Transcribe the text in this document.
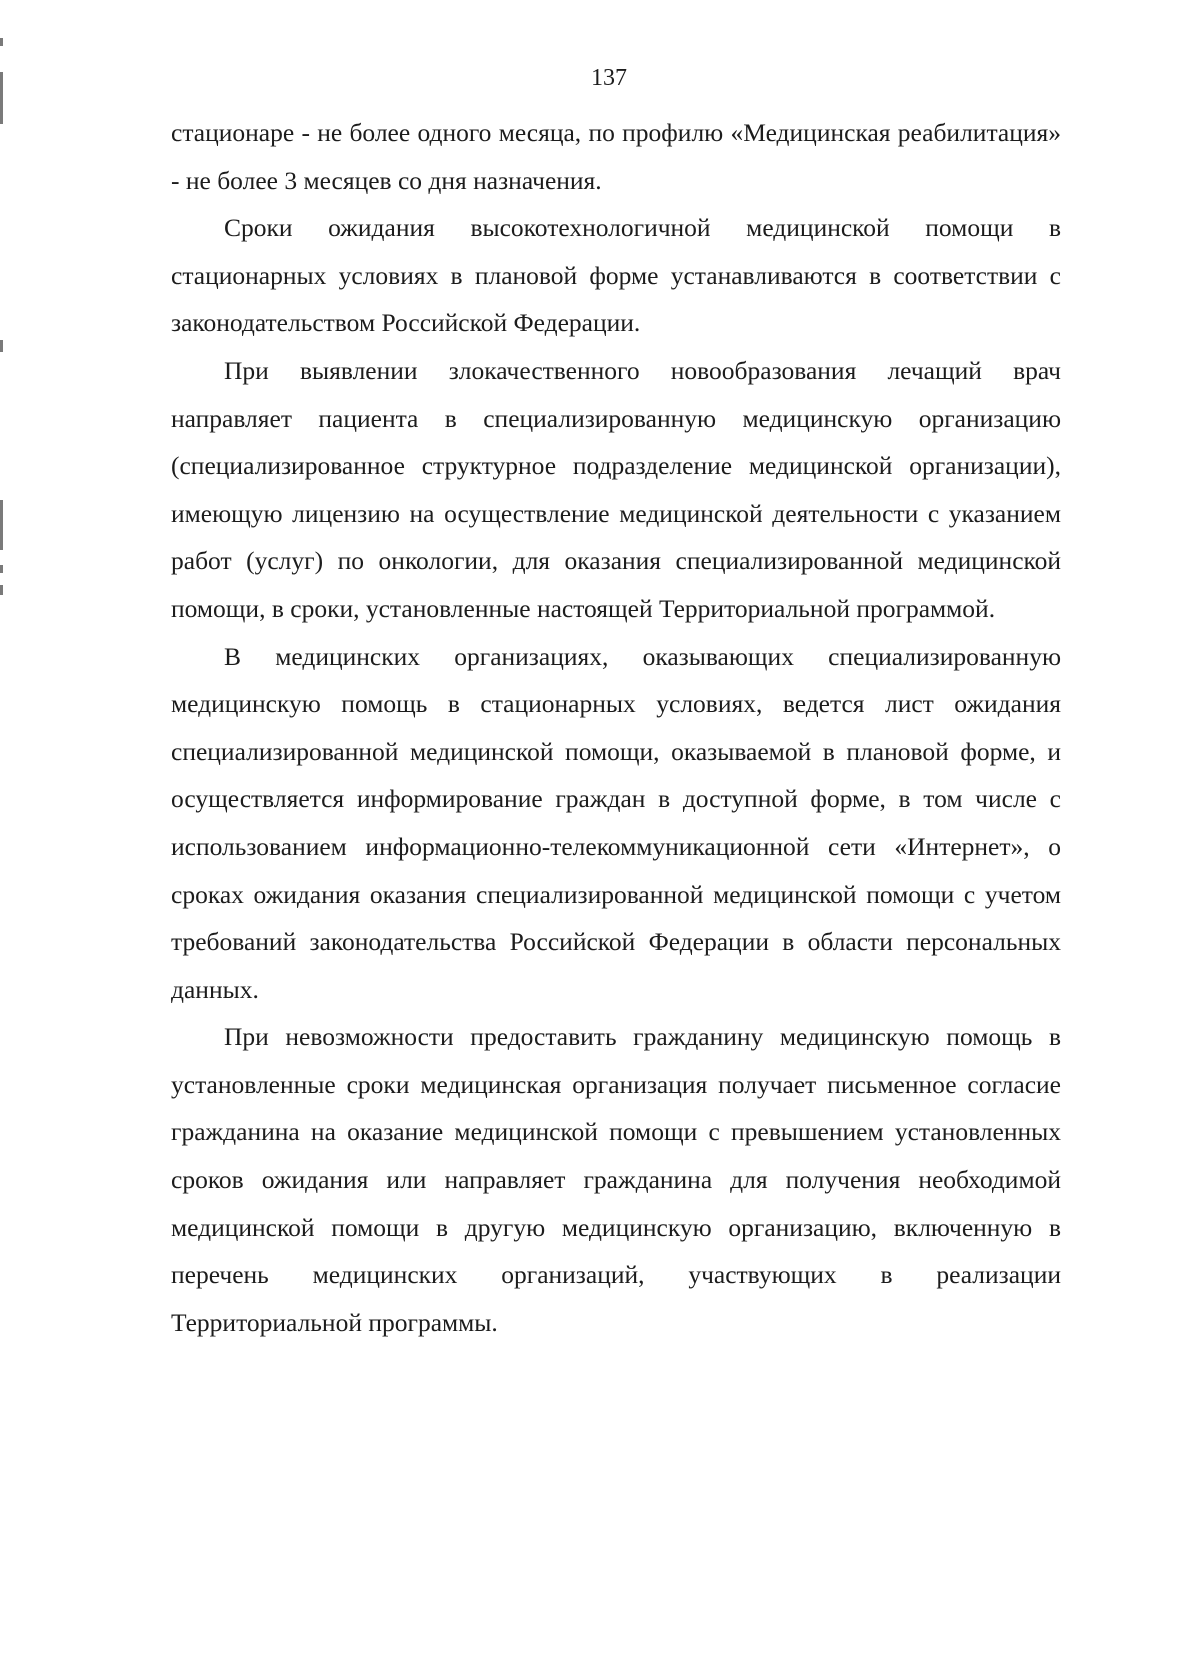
137

стационаре - не более одного месяца, по профилю «Медицинская реабилитация» - не более 3 месяцев со дня назначения.

Сроки ожидания высокотехнологичной медицинской помощи в стационарных условиях в плановой форме устанавливаются в соответствии с законодательством Российской Федерации.

При выявлении злокачественного новообразования лечащий врач направляет пациента в специализированную медицинскую организацию (специализированное структурное подразделение медицинской организации), имеющую лицензию на осуществление медицинской деятельности с указанием работ (услуг) по онкологии, для оказания специализированной медицинской помощи, в сроки, установленные настоящей Территориальной программой.

В медицинских организациях, оказывающих специализированную медицинскую помощь в стационарных условиях, ведется лист ожидания специализированной медицинской помощи, оказываемой в плановой форме, и осуществляется информирование граждан в доступной форме, в том числе с использованием информационно-телекоммуникационной сети «Интернет», о сроках ожидания оказания специализированной медицинской помощи с учетом требований законодательства Российской Федерации в области персональных данных.

При невозможности предоставить гражданину медицинскую помощь в установленные сроки медицинская организация получает письменное согласие гражданина на оказание медицинской помощи с превышением установленных сроков ожидания или направляет гражданина для получения необходимой медицинской помощи в другую медицинскую организацию, включенную в перечень медицинских организаций, участвующих в реализации Территориальной программы.
